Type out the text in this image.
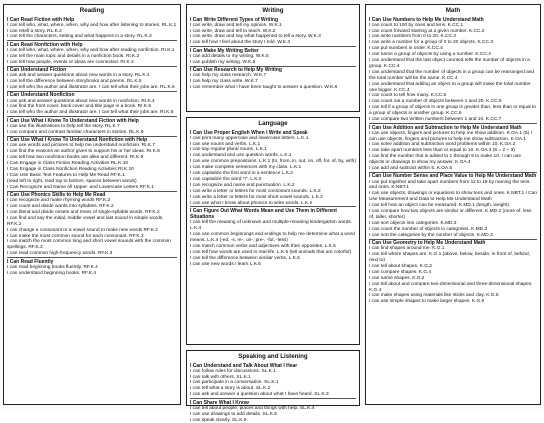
Reading
I Can Read Fiction with Help
I can tell who, what, where, when, why and how after listening to stories. RL.K.1
I can retell a story. RL.K.2
I can tell the characters, setting and what happens in a story. RL.K.3
I Can Read Nonfiction with Help
I can tell who, what, where, when, why and how after reading nonfiction. RI.K.1
I can tell the main topic and details in a nonfiction book. RI.K.2
I can tell how people, events or ideas are connected. RI.K.3
I Can Understand Fiction
I can ask and answer questions about new words in a story. RL.K.4
I can tell the difference between storybooks and poems. RL.K.5
I can tell who the author and illustrator are. I can tell what their jobs are. RL.K.6
I Can Understand Nonfiction
I can ask and answer questions about new words in nonfiction. RI.K.4
I can find the front cover, back cover and title page in a book. RI.K.5
I can tell who the author and illustrator are. I can tell what their jobs are. RI.K.6
I Can Use What I Know To Understand Fiction with Help
I can use the illustrations to help tell the story. RL.K.7
I can compare and contrast familiar characters in stories. RL.K.9
I Can Use What I Know To Understand Nonfiction with Help
I can use words and pictures to help me understand nonfiction. RI.K.7
I can find the reasons an author gives to support his or her ideas. RI.K.8
I can tell how two nonfiction books are alike and different. RI.K.9
I Can Engage in Class Fiction Reading Activities RL.K.10
I Can Engage in Class Nonfiction Reading Activities RI.K.10
I Can Use Basic Text Features to Help Me Read RF.K.1
(read left to right, read top to bottom, spaces between words)
I Can Recognize and Name All Upper- and Lowercase Letters RF.K.1
I Can Use Phonics Skills to Help Me Read
I can recognize and make rhyming words RF.K.2
I can count and divide words into syllables. RF.K.2
I can blend and divide onsets and rimes of single-syllable words. RF.K.2
I can find and say the initial, middle vowel and last sound in simple words. RF.K.2
I can change a consonant or a vowel sound to make new words RF.K.2
I can make the most common sound for each consonant. RF.K.3
I can match the most common long and short vowel sounds with the common spellings. RF.K.3
I can read common high-frequency words. RF.K.3
I Can Read Fluently
I can read beginning books fluently. RF.K.4
I can understand beginning books. RF.K.4
Writing
I Can Write Different Types of Writing
I can write, draw and tell my opinion. W.K.1
I can write, draw and tell to teach. W.K.2
I can write, draw and say what happened to tell a story. W.K.3
I can tell how I feel about the story I told. W.K.3
I Can Make My Writing Better
I can add details to my writing. W.K.5
I can publish my writing. W.K.6
I Can Use Research to Help My Writing
I can help my class research. W.K.7
I can help my class write. W.K.7
I can remember what I have been taught to answer a question. W.K.8
Language
I Can Use Proper English When I Write and Speak
I can print many uppercase and lowercase letters. L.K.1
I can use nouns and verbs. L.K.1
I can say regular plural nouns. L.K.1
I can understand and use question words. L.K.1
I can use common prepositions. L.K.1 (to, from, in, out, on, off, for, of, by, with)
I can make complete sentences with my class. L.K.1
I can capitalize the first word in a sentence L.K.2
I can capitalize the word "I". L.K.2
I can recognize and name end punctuation. L.K.2
I can write a letter or letters for most consonant sounds. L.K.2
I can write a letter or letters for most short vowel sounds. L.K.2
I can use what I know about phonics to write words. L.K.2
I Can Figure Out What Words Mean and Use Them in Different Situations
I can tell the meaning of unknown and multiple-meaning kindergarten words. L.K.4
I can use common beginnings and endings to help me determine what a word means. L.K.4 (-ed, -s, re-, un-, pre-, -ful, -less)
I can match common verbs and adjectives with their opposites. L.K.5
I can tell how words are used in real-life. L.K.5 (tell animals that are colorful)
I can tell the difference between similar verbs. L.K.5
I can use new words I learn L.K.6
Speaking and Listening
I Can Understand and Talk About What I Hear
I can follow rules for discussions. SL.K.1
I can talk with others. SL.K.1
I can participate in a conversation. SL.K.1
I can tell what a story is about. SL.K.2
I can ask and answer a question about what I have heard. SL.K.3
I Can Share What I Know
I can tell about people, places and things with help. SL.K.4
I can use drawings to add details. SL.K.5
I can speak clearly. SL.K.6
Math
I Can Use Numbers to Help Me Understand Math
I can count to 100 by ones and tens. K.CC.1
I can count forward starting at a given number. K.CC.2
I can write numbers from 0 to 20. K.CC.3
I can write a number for a group of 0 to 20 objects. K.CC.3
I can put numbers in order. K.CC.4
I can name a group of objects by using a number. K.CC.4
I can understand that the last object counted tells the number of objects in a group. K.CC.4
I can understand that the number of objects in a group can be rearranged and the total number will be the same. K.CC.4
I can understand that adding an object to a group will make the total number one bigger. K.CC.4
I can count to tell how many. K.CC.5
I can count out a number of objects between 1 and 20. K.CC.5
I can tell if a group of objects in one group is greater than, less than or equal to a group of objects in another group. K.CC.6
I can compare two written numbers between 1 and 10. K.CC.7
I Can Use Addition and Subtraction to Help Me Understand Math
I can use objects, fingers and pictures to help me show addition. K.OA.1 (5) I can use objects, fingers and pictures to help me show subtraction. K.OA.1
I can solve addition and subtraction word problems within 10. K.OA.2
I can take apart numbers less than or equal to 10. K.OA.3 (5 = 2 + 3)
I can find the number that is added to 1 through 9 to make 10. I can use objects or drawings to show my answer. K.OA.4
I can add and subtract within 5. K.OA.5
I Can Use Number Sense and Place Value to Help Me Understand Math
I can put together and take apart numbers from 11 to 19 by naming the tens and ones. K.NBT.1
I can use objects, drawings or equations to show tens and ones. K.NBT.1 I Can Use Measurement and Data to Help Me Understand Math
I can tell how an object can be measured. K.MD.1 (length, weight)
I can compare how two objects are similar or different. K.MD.2 (more of, less of, taller, shorter)
I can sort objects into categories. K.MD.3
I can count the number of objects in categories. K.MD.3
I can sort the categories by the number of objects. K.MD.3
I Can Use Geometry to Help Me Understand Math
I can find shapes around me. K.G.1
I can tell where shapes are. K.G.1 (above, below, beside, in front of, behind, next to)
I can tell about shapes. K.G.2
I can compare shapes. K.G.4
I can name shapes. K.G.2
I can tell about and compare two-dimensional and three-dimensional shapes. K.G.4
I can make shapes using materials like sticks and clay. K.G.5
I can use simple shapes to make larger shapes. K.G.6
